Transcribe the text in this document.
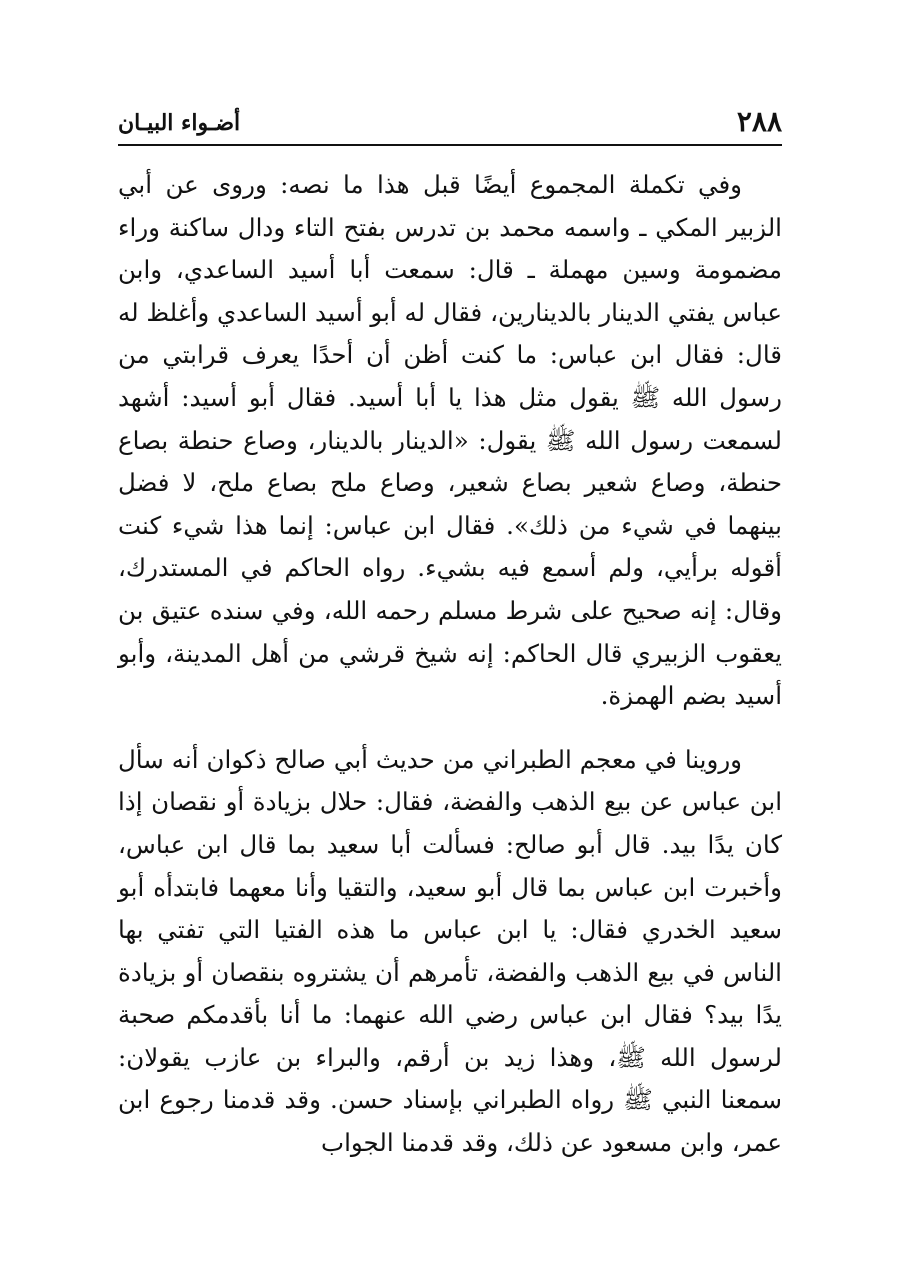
٢٨٨
أضـواء البيـان

وفي تكملة المجموع أيضًا قبل هذا ما نصه: وروى عن أبي الزبير المكي ـ واسمه محمد بن تدرس بفتح التاء ودال ساكنة وراء مضمومة وسين مهملة ـ قال: سمعت أبا أسيد الساعدي، وابن عباس يفتي الدينار بالدينارين، فقال له أبو أسيد الساعدي وأغلظ له قال: فقال ابن عباس: ما كنت أظن أن أحدًا يعرف قرابتي من رسول الله ﷺ يقول مثل هذا يا أبا أسيد. فقال أبو أسيد: أشهد لسمعت رسول الله ﷺ يقول: «الدينار بالدينار، وصاع حنطة بصاع حنطة، وصاع شعير بصاع شعير، وصاع ملح بصاع ملح، لا فضل بينهما في شيء من ذلك». فقال ابن عباس: إنما هذا شيء كنت أقوله برأيي، ولم أسمع فيه بشيء. رواه الحاكم في المستدرك، وقال: إنه صحيح على شرط مسلم رحمه الله، وفي سنده عتيق بن يعقوب الزبيري قال الحاكم: إنه شيخ قرشي من أهل المدينة، وأبو أسيد بضم الهمزة.

وروينا في معجم الطبراني من حديث أبي صالح ذكوان أنه سأل ابن عباس عن بيع الذهب والفضة، فقال: حلال بزيادة أو نقصان إذا كان يدًا بيد. قال أبو صالح: فسألت أبا سعيد بما قال ابن عباس، وأخبرت ابن عباس بما قال أبو سعيد، والتقيا وأنا معهما فابتدأه أبو سعيد الخدري فقال: يا ابن عباس ما هذه الفتيا التي تفتي بها الناس في بيع الذهب والفضة، تأمرهم أن يشتروه بنقصان أو بزيادة يدًا بيد؟ فقال ابن عباس رضي الله عنهما: ما أنا بأقدمكم صحبة لرسول الله ﷺ، وهذا زيد بن أرقم، والبراء بن عازب يقولان: سمعنا النبي ﷺ رواه الطبراني بإسناد حسن. وقد قدمنا رجوع ابن عمر، وابن مسعود عن ذلك، وقد قدمنا الجواب
